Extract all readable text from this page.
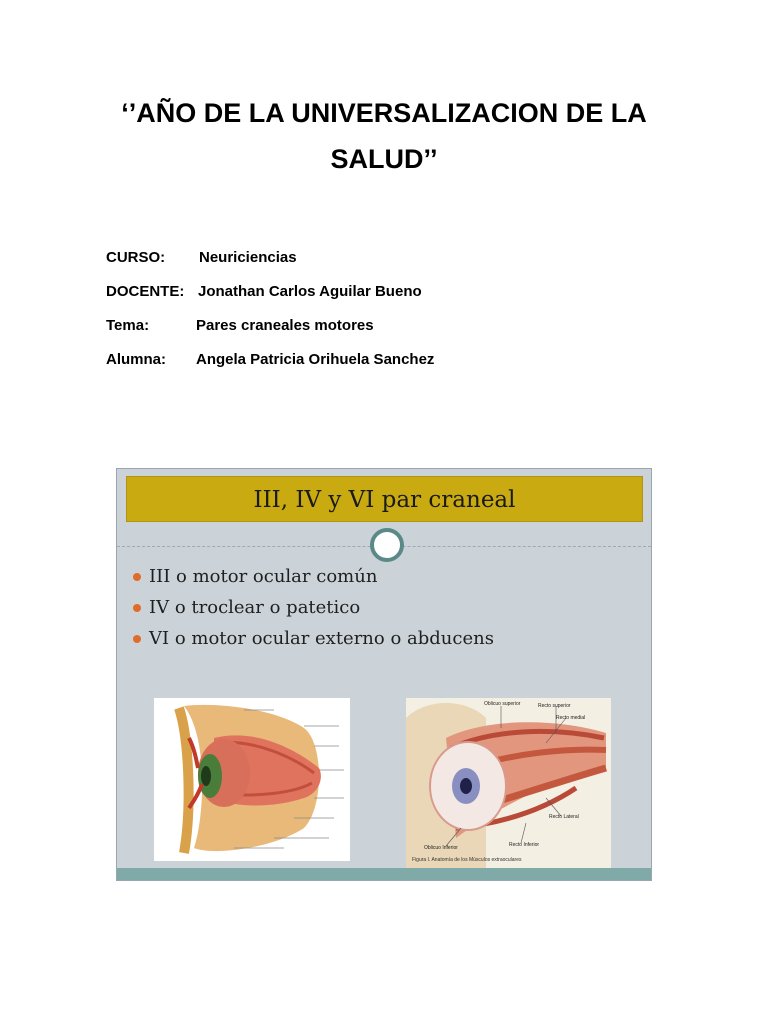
‘’AÑO DE LA UNIVERSALIZACION DE LA
SALUD’’
CURSO: Neuriciencias
DOCENTE: Jonathan Carlos Aguilar Bueno
Tema:	Pares craneales motores
Alumna: Angela Patricia Orihuela Sanchez
III, IV y VI par craneal
III o motor ocular común
IV o troclear o patetico
VI o motor ocular externo o abducens
Oblicuo superior	Recto superior
Recto medial
Recto Lateral
Oblicuo Inferior	Recto Inferior
Figura I. Anatomía de los Músculos extraoculares
